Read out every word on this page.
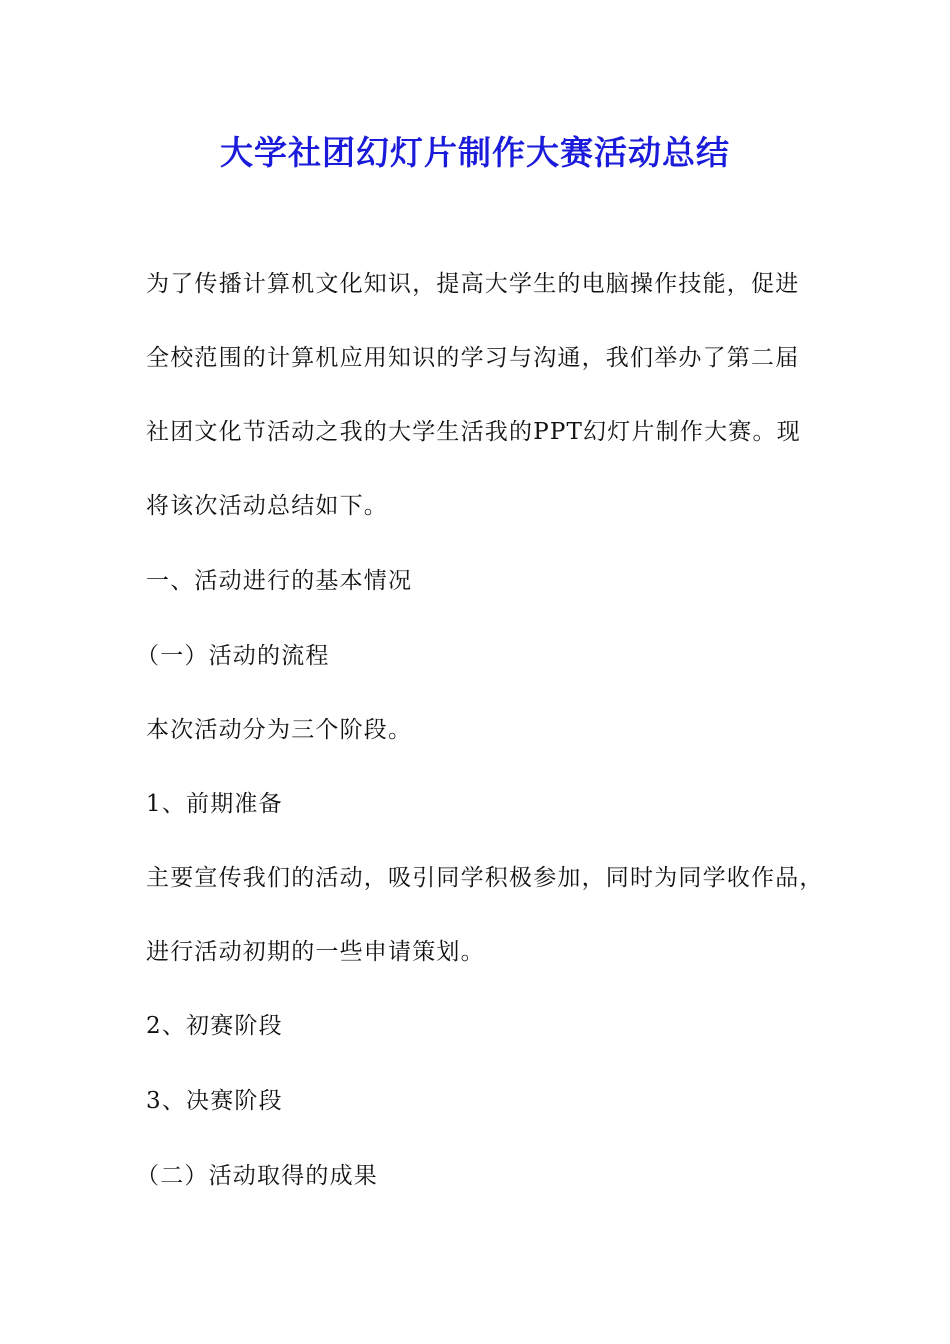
大学社团幻灯片制作大赛活动总结
为了传播计算机文化知识，提高大学生的电脑操作技能，促进
全校范围的计算机应用知识的学习与沟通，我们举办了第二届
社团文化节活动之我的大学生活我的PPT幻灯片制作大赛。现
将该次活动总结如下。
一、活动进行的基本情况
（一）活动的流程
本次活动分为三个阶段。
1、前期准备
主要宣传我们的活动，吸引同学积极参加，同时为同学收作品，
进行活动初期的一些申请策划。
2、初赛阶段
3、决赛阶段
（二）活动取得的成果
